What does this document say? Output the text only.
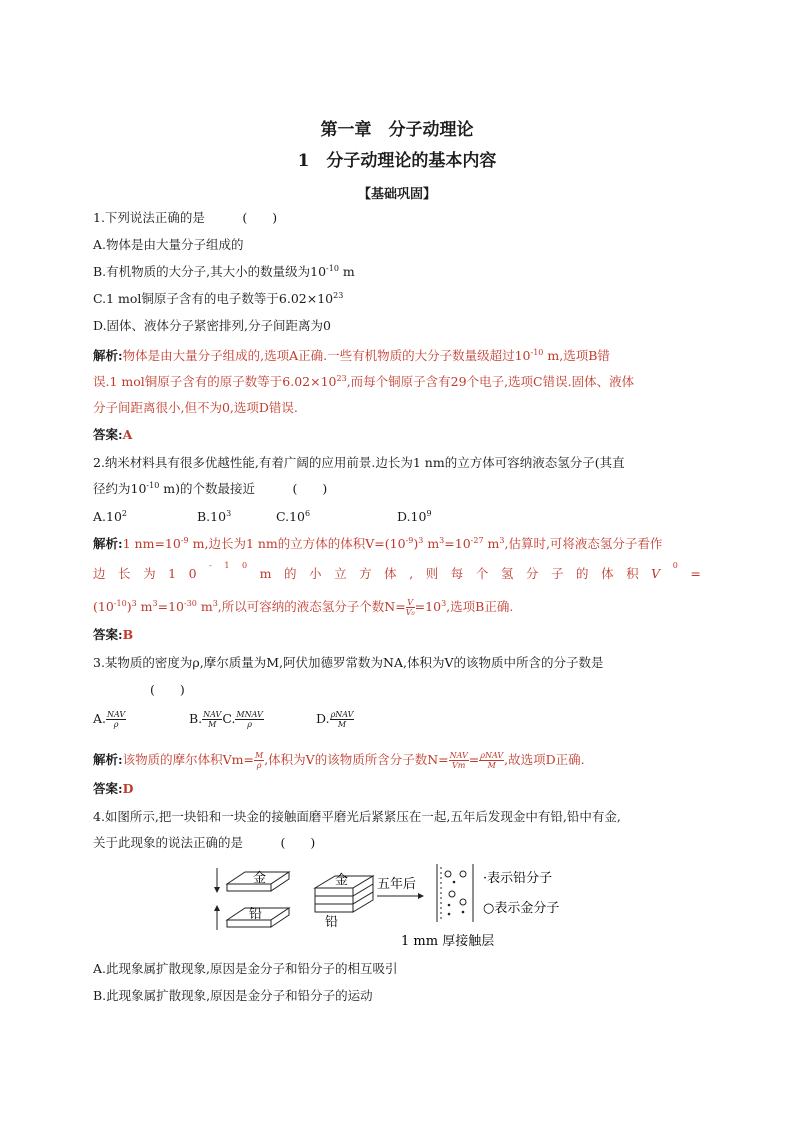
第一章　分子动理论
1　分子动理论的基本内容
【基础巩固】
1.下列说法正确的是　　　(　　)
A.物体是由大量分子组成的
B.有机物质的大分子,其大小的数量级为$10^{-10}$ m
C.1 mol铜原子含有的电子数等于$6.02\times 10^{23}$
D.固体、液体分子紧密排列,分子间距离为0
解析:物体是由大量分子组成的,选项A正确.一些有机物质的大分子数量级超过$10^{-10}$ m,选项B错
误.1 mol铜原子含有的原子数等于$6.02\times 10^{23}$,而每个铜原子含有29个电子,选项C错误.固体、液体
分子间距离很小,但不为0,选项D错误.
答案:A
2.纳米材料具有很多优越性能,有着广阔的应用前景.边长为1 nm的立方体可容纳液态氢分子(其直
径约为$10^{-10}$ m)的个数最接近　　　(　　)
$A.10^2$	$B.10^3$	$C.10^6$	$D.10^9$
解析:1 $nm=10^{-9}$ m,边长为1 nm的立方体的体积$V=(10^{-9})^3$ $m^3=10^{-27}$ $m^3$,估算时,可将液态氢分子看作
边 长 为 1 0
- 1 0
m 的 小 立 方 体 , 则 每 个 氢 分 子 的 体 积 V
0
=
$(10^{-10})^3$ $m^3=10^{-30}$ $m^3$,所以可容纳的液态氢分子个数$N= \frac{V}{\text{V₀}} =10^3$,选项B正确.
答案:B
3.某物质的密度为ρ,摩尔质量为M,阿伏加德罗常数为NA,体积为V的该物质中所含的分子数是
(　　)
A. NAV
ρ	B. NAV
M C. MNAV
ρ	D. ρNAV
M
解析:该物质的摩尔体积$Vm= \frac{M}{\rho}$ ,体积为V的该物质所含分子数N= NAV
Vm = ρNAV
M ,故选项D正确.
答案:D
4.如图所示,把一块铅和一块金的接触面磨平磨光后紧紧压在一起,五年后发现金中有铅,铅中有金,
关于此现象的说法正确的是　　　(　　)
金
铅
金
铅
五年后	·表示铅分子
○表示金分子
1 mm 厚接触层
A.此现象属扩散现象,原因是金分子和铅分子的相互吸引
B.此现象属扩散现象,原因是金分子和铅分子的运动
